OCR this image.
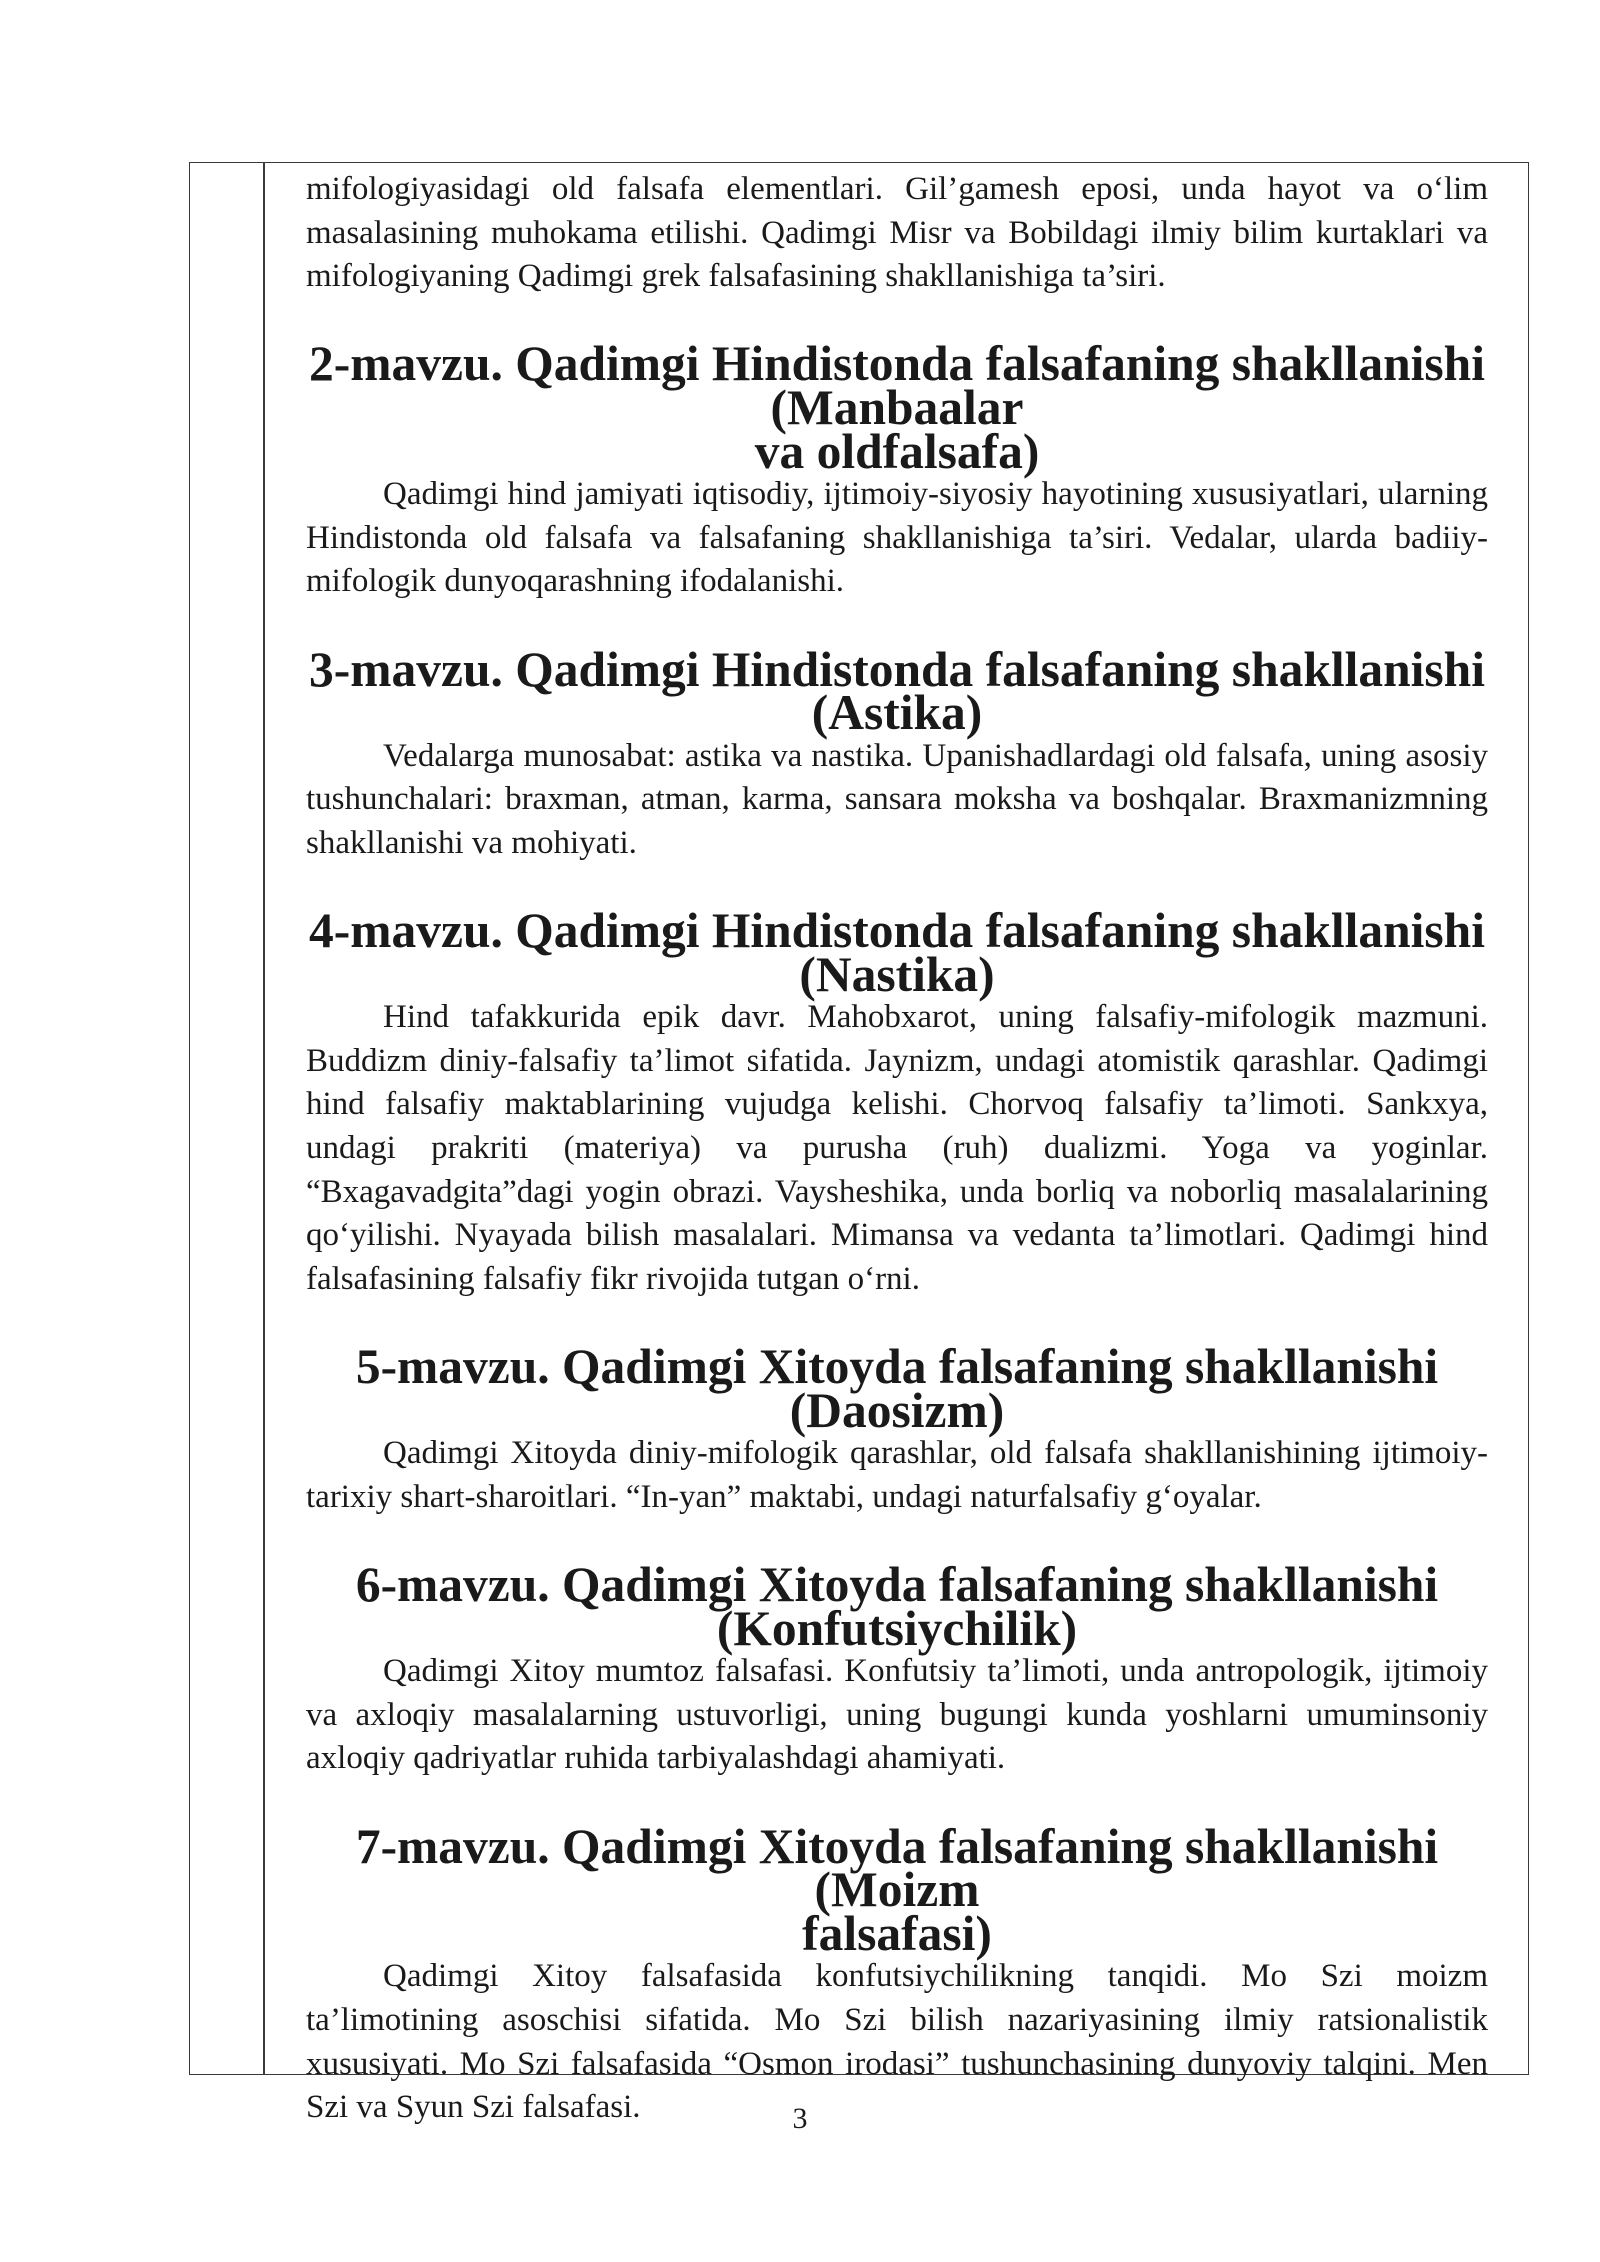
mifologiyasidagi old falsafa elementlari. Gil’gamesh eposi, unda hayot va o‘lim masalasining muhokama etilishi. Qadimgi Misr va Bobildagi ilmiy bilim kurtaklari va mifologiyaning Qadimgi grek falsafasining shakllanishiga ta’siri.

2-mavzu. Qadimgi Hindistonda falsafaning shakllanishi (Manbaalar
va oldfalsafa)

Qadimgi hind jamiyati iqtisodiy, ijtimoiy-siyosiy hayotining xususiyatlari, ularning Hindistonda old falsafa va falsafaning shakllanishiga ta’siri. Vedalar, ularda badiiy-mifologik dunyoqarashning ifodalanishi.

3-mavzu. Qadimgi Hindistonda falsafaning shakllanishi (Astika)

Vedalarga munosabat: astika va nastika. Upanishadlardagi old falsafa, uning asosiy tushunchalari: braxman, atman, karma, sansara moksha va boshqalar. Braxmanizmning shakllanishi va mohiyati.

4-mavzu. Qadimgi Hindistonda falsafaning shakllanishi (Nastika)

Hind tafakkurida epik davr. Mahobxarot, uning falsafiy-mifologik mazmuni. Buddizm diniy-falsafiy ta’limot sifatida. Jaynizm, undagi atomistik qarashlar. Qadimgi hind falsafiy maktablarining vujudga kelishi. Chorvoq falsafiy ta’limoti. Sankxya, undagi prakriti (materiya) va purusha (ruh) dualizmi. Yoga va yoginlar. “Bxagavadgita”dagi yogin obrazi. Vaysheshika, unda borliq va noborliq masalalarining qo‘yilishi. Nyayada bilish masalalari. Mimansa va vedanta ta’limotlari. Qadimgi hind falsafasining falsafiy fikr rivojida tutgan o‘rni.

5-mavzu. Qadimgi Xitoyda falsafaning shakllanishi (Daosizm)

Qadimgi Xitoyda diniy-mifologik qarashlar, old falsafa shakllanishining ijtimoiy-tarixiy shart-sharoitlari. “In-yan” maktabi, undagi naturfalsafiy g‘oyalar.

6-mavzu. Qadimgi Xitoyda falsafaning shakllanishi
(Konfutsiychilik)

Qadimgi Xitoy mumtoz falsafasi. Konfutsiy ta’limoti, unda antropologik, ijtimoiy va axloqiy masalalarning ustuvorligi, uning bugungi kunda yoshlarni umuminsoniy axloqiy qadriyatlar ruhida tarbiyalashdagi ahamiyati.

7-mavzu. Qadimgi Xitoyda falsafaning shakllanishi (Moizm
falsafasi)

Qadimgi Xitoy falsafasida konfutsiychilikning tanqidi. Mo Szi moizm ta’limotining asoschisi sifatida. Mo Szi bilish nazariyasining ilmiy ratsionalistik xususiyati. Mo Szi falsafasida “Osmon irodasi” tushunchasining dunyoviy talqini. Men Szi va Syun Szi falsafasi.	3
